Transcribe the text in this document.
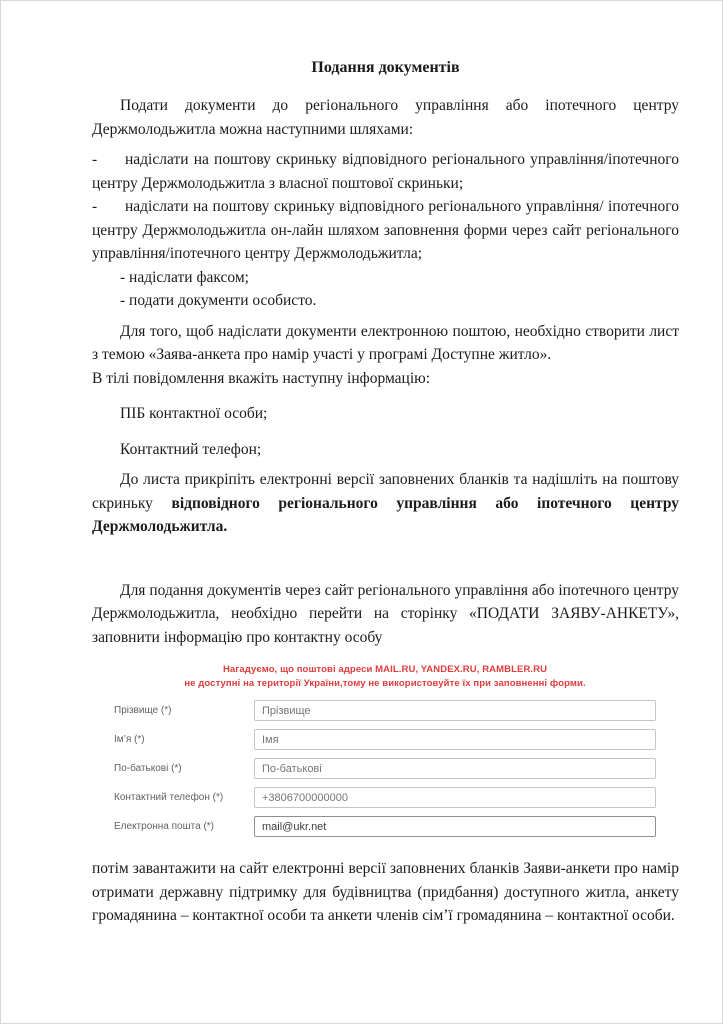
Подання документів

Подати документи до регіонального управління або іпотечного центру Держмолодьжитла можна наступними шляхами:

- надіслати на поштову скриньку відповідного регіонального управління/іпотечного центру Держмолодьжитла з власної поштової скриньки;

- надіслати на поштову скриньку відповідного регіонального управління/ іпотечного центру Держмолодьжитла он-лайн шляхом заповнення форми через сайт регіонального управління/іпотечного центру Держмолодьжитла;

- надіслати факсом;

- подати документи особисто.

Для того, щоб надіслати документи електронною поштою, необхідно створити лист з темою «Заява-анкета про намір участі у програмі Доступне житло».

В тілі повідомлення вкажіть наступну інформацію:

ПІБ контактної особи;

Контактний телефон;

До листа прикріпіть електронні версії заповнених бланків та надішліть на поштову скриньку відповідного регіонального управління або іпотечного центру Держмолодьжитла.

Для подання документів через сайт регіонального управління або іпотечного центру Держмолодьжитла, необхідно перейти на сторінку «ПОДАТИ ЗАЯВУ-АНКЕТУ», заповнити інформацію про контактну особу

Нагадуємо, що поштові адреси MAIL.RU, YANDEX.RU, RAMBLER.RU
не доступні на території України,тому не використовуйте їх при заповненні форми.
Прізвище (*)
Прізвище
Ім’я (*)
Імя
По-батькові (*)
По-батькові
Контактний телефон (*)
+3806700000000
Електронна пошта (*)
mail@ukr.net

потім завантажити на сайт електронні версії заповнених бланків Заяви-анкети про намір отримати державну підтримку для будівництва (придбання) доступного житла, анкету громадянина – контактної особи та анкети членів сім’ї громадянина – контактної особи.
